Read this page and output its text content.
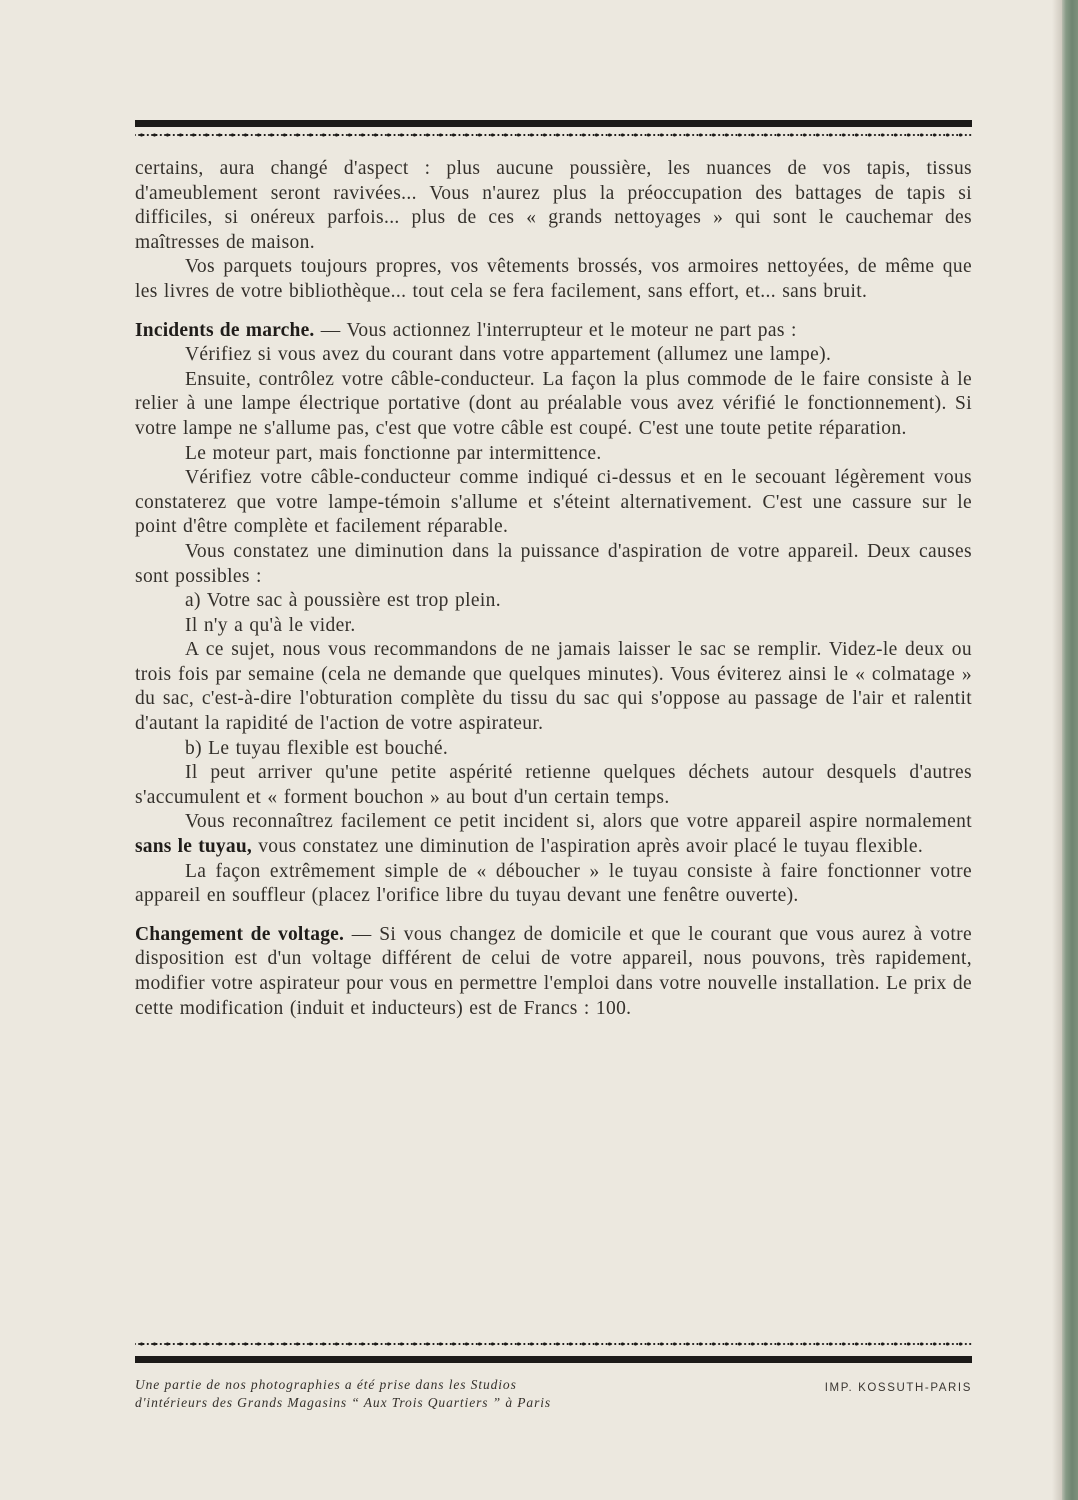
certains, aura changé d'aspect : plus aucune poussière, les nuances de vos tapis, tissus d'ameublement seront ravivées... Vous n'aurez plus la préoccupation des battages de tapis si difficiles, si onéreux parfois... plus de ces « grands nettoyages » qui sont le cauchemar des maîtresses de maison.

Vos parquets toujours propres, vos vêtements brossés, vos armoires nettoyées, de même que les livres de votre bibliothèque... tout cela se fera facilement, sans effort, et... sans bruit.

Incidents de marche. — Vous actionnez l'interrupteur et le moteur ne part pas :

Vérifiez si vous avez du courant dans votre appartement (allumez une lampe).

Ensuite, contrôlez votre câble-conducteur. La façon la plus commode de le faire consiste à le relier à une lampe électrique portative (dont au préalable vous avez vérifié le fonctionnement). Si votre lampe ne s'allume pas, c'est que votre câble est coupé. C'est une toute petite réparation.

Le moteur part, mais fonctionne par intermittence.

Vérifiez votre câble-conducteur comme indiqué ci-dessus et en le secouant légèrement vous constaterez que votre lampe-témoin s'allume et s'éteint alternativement. C'est une cassure sur le point d'être complète et facilement réparable.

Vous constatez une diminution dans la puissance d'aspiration de votre appareil. Deux causes sont possibles :

a) Votre sac à poussière est trop plein.

Il n'y a qu'à le vider.

A ce sujet, nous vous recommandons de ne jamais laisser le sac se remplir. Videz-le deux ou trois fois par semaine (cela ne demande que quelques minutes). Vous éviterez ainsi le « colmatage » du sac, c'est-à-dire l'obturation complète du tissu du sac qui s'oppose au passage de l'air et ralentit d'autant la rapidité de l'action de votre aspirateur.

b) Le tuyau flexible est bouché.

Il peut arriver qu'une petite aspérité retienne quelques déchets autour desquels d'autres s'accumulent et « forment bouchon » au bout d'un certain temps.

Vous reconnaîtrez facilement ce petit incident si, alors que votre appareil aspire normalement sans le tuyau, vous constatez une diminution de l'aspiration après avoir placé le tuyau flexible.

La façon extrêmement simple de « déboucher » le tuyau consiste à faire fonctionner votre appareil en souffleur (placez l'orifice libre du tuyau devant une fenêtre ouverte).

Changement de voltage. — Si vous changez de domicile et que le courant que vous aurez à votre disposition est d'un voltage différent de celui de votre appareil, nous pouvons, très rapidement, modifier votre aspirateur pour vous en permettre l'emploi dans votre nouvelle installation. Le prix de cette modification (induit et inducteurs) est de Francs : 100.

Une partie de nos photographies a été prise dans les Studios
d'intérieurs des Grands Magasins “ Aux Trois Quartiers ” à Paris
IMP. KOSSUTH-PARIS
